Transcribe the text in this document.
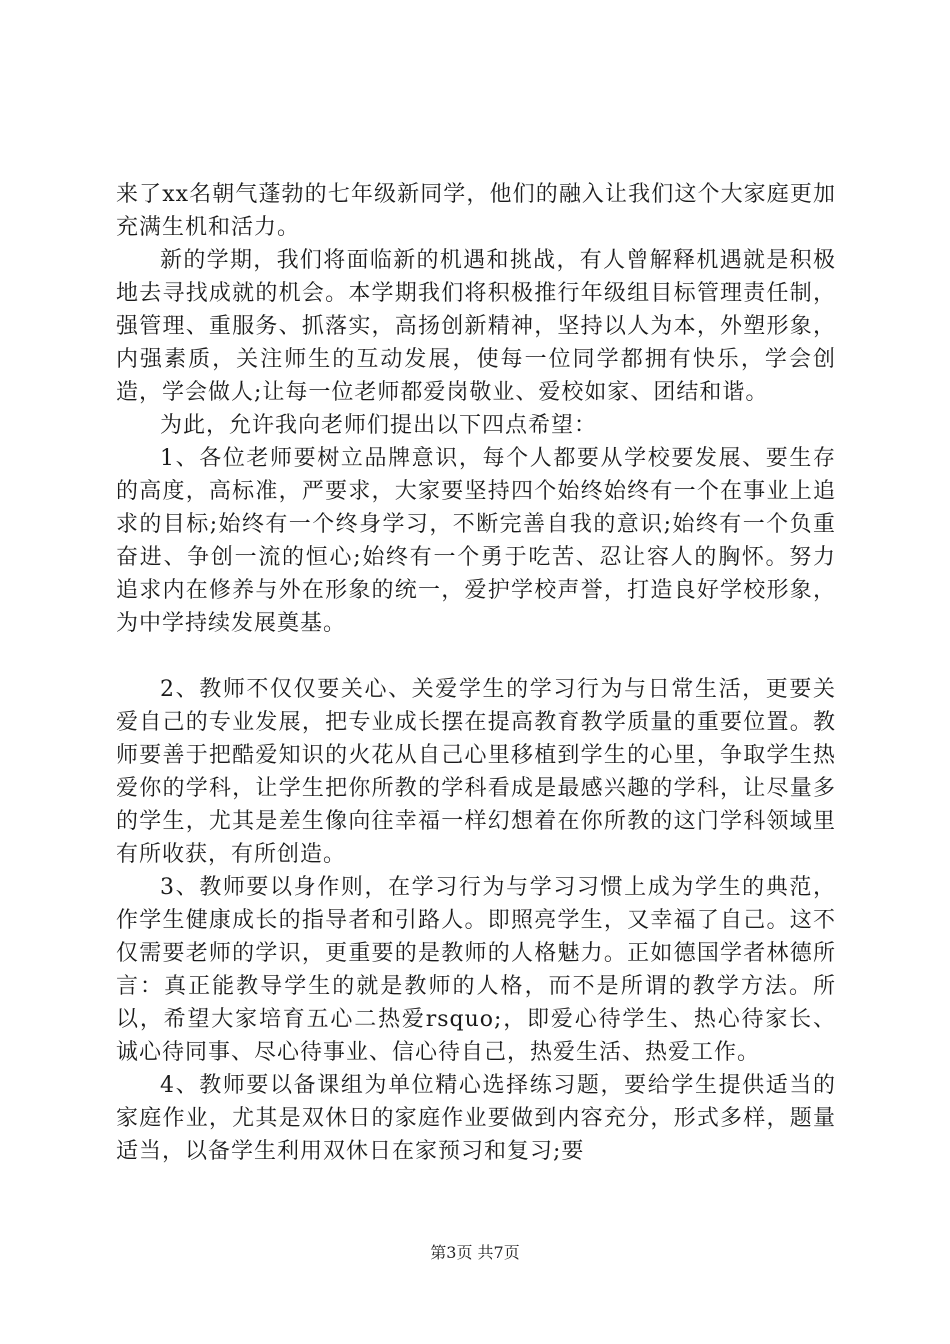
来了xx名朝气蓬勃的七年级新同学，他们的融入让我们这个大家庭更加充满生机和活力。

新的学期，我们将面临新的机遇和挑战，有人曾解释机遇就是积极地去寻找成就的机会。本学期我们将积极推行年级组目标管理责任制，强管理、重服务、抓落实，高扬创新精神，坚持以人为本，外塑形象，内强素质，关注师生的互动发展，使每一位同学都拥有快乐，学会创造，学会做人;让每一位老师都爱岗敬业、爱校如家、团结和谐。

为此，允许我向老师们提出以下四点希望：

1、各位老师要树立品牌意识，每个人都要从学校要发展、要生存的高度，高标准，严要求，大家要坚持四个始终始终有一个在事业上追求的目标;始终有一个终身学习，不断完善自我的意识;始终有一个负重奋进、争创一流的恒心;始终有一个勇于吃苦、忍让容人的胸怀。努力追求内在修养与外在形象的统一，爱护学校声誉，打造良好学校形象，为中学持续发展奠基。

2、教师不仅仅要关心、关爱学生的学习行为与日常生活，更要关爱自己的专业发展，把专业成长摆在提高教育教学质量的重要位置。教师要善于把酷爱知识的火花从自己心里移植到学生的心里，争取学生热爱你的学科，让学生把你所教的学科看成是最感兴趣的学科，让尽量多的学生，尤其是差生像向往幸福一样幻想着在你所教的这门学科领域里有所收获，有所创造。

3、教师要以身作则，在学习行为与学习习惯上成为学生的典范，作学生健康成长的指导者和引路人。即照亮学生，又幸福了自己。这不仅需要老师的学识，更重要的是教师的人格魅力。正如德国学者林德所言：真正能教导学生的就是教师的人格，而不是所谓的教学方法。所以，希望大家培育五心二热爱rsquo;，即爱心待学生、热心待家长、诚心待同事、尽心待事业、信心待自己，热爱生活、热爱工作。

4、教师要以备课组为单位精心选择练习题，要给学生提供适当的家庭作业，尤其是双休日的家庭作业要做到内容充分，形式多样，题量适当，以备学生利用双休日在家预习和复习;要

第3页 共7页
